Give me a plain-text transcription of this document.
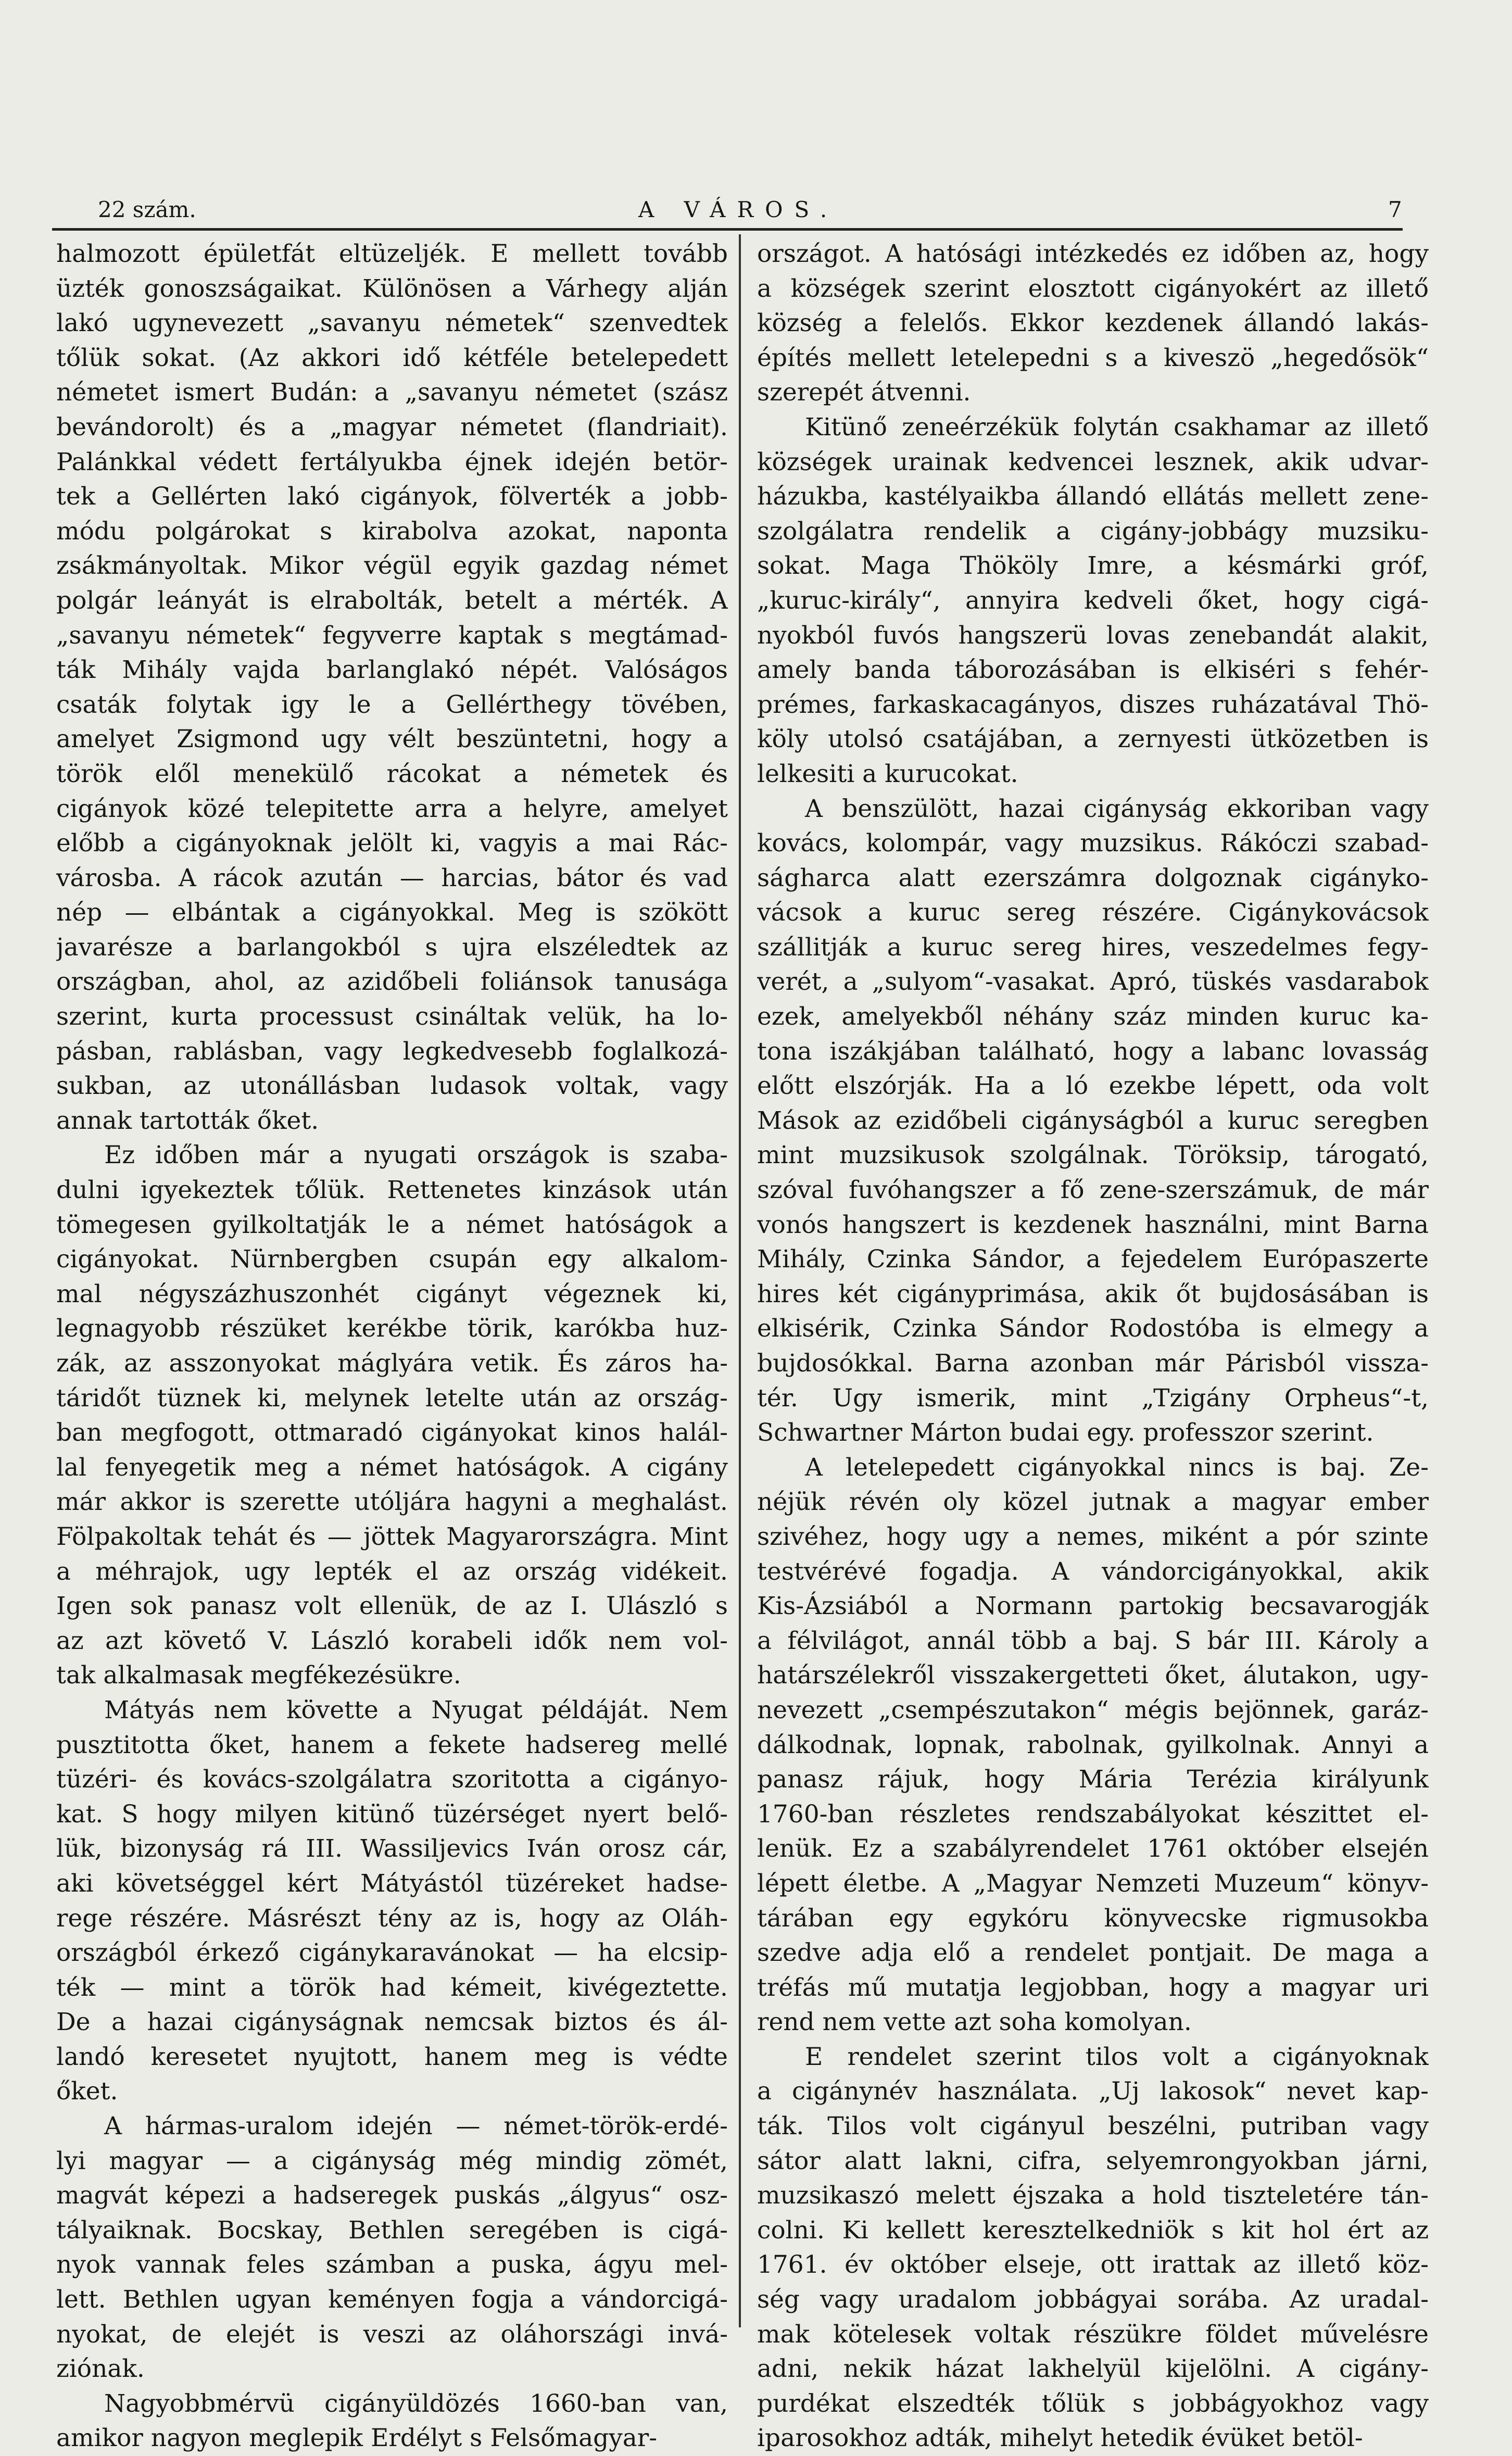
22 szám.	A VÁROS.	7

halmozott épületfát eltüzeljék. E mellett tovább

üzték gonoszságaikat. Különösen a Várhegy alján

lakó ugynevezett „savanyu németek“ szenvedtek

tőlük sokat. (Az akkori idő kétféle betelepedett

németet ismert Budán: a „savanyu németet (szász

bevándorolt) és a „magyar németet (flandriait).

Palánkkal védett fertályukba éjnek idején betör-

tek a Gellérten lakó cigányok, fölverték a jobb-

módu polgárokat s kirabolva azokat, naponta

zsákmányoltak. Mikor végül egyik gazdag német

polgár leányát is elrabolták, betelt a mérték. A

„savanyu németek“ fegyverre kaptak s megtámad-

ták Mihály vajda barlanglakó népét. Valóságos

csaták folytak igy le a Gellérthegy tövében,

amelyet Zsigmond ugy vélt beszüntetni, hogy a

török elől menekülő rácokat a németek és

cigányok közé telepitette arra a helyre, amelyet

előbb a cigányoknak jelölt ki, vagyis a mai Rác-

városba. A rácok azután — harcias, bátor és vad

nép — elbántak a cigányokkal. Meg is szökött

javarésze a barlangokból s ujra elszéledtek az

országban, ahol, az azidőbeli foliánsok tanusága

szerint, kurta processust csináltak velük, ha lo-

pásban, rablásban, vagy legkedvesebb foglalkozá-

sukban, az utonállásban ludasok voltak, vagy

annak tartották őket.

Ez időben már a nyugati országok is szaba-

dulni igyekeztek tőlük. Rettenetes kinzások után

tömegesen gyilkoltatják le a német hatóságok a

cigányokat. Nürnbergben csupán egy alkalom-

mal négyszázhuszonhét cigányt végeznek ki,

legnagyobb részüket kerékbe törik, karókba huz-

zák, az asszonyokat máglyára vetik. És záros ha-

táridőt tüznek ki, melynek letelte után az ország-

ban megfogott, ottmaradó cigányokat kinos halál-

lal fenyegetik meg a német hatóságok. A cigány

már akkor is szerette utóljára hagyni a meghalást.

Fölpakoltak tehát és — jöttek Magyarországra. Mint

a méhrajok, ugy lepték el az ország vidékeit.

Igen sok panasz volt ellenük, de az I. Ulászló s

az azt követő V. László korabeli idők nem vol-

tak alkalmasak megfékezésükre.

Mátyás nem követte a Nyugat példáját. Nem

pusztitotta őket, hanem a fekete hadsereg mellé

tüzéri- és kovács-szolgálatra szoritotta a cigányo-

kat. S hogy milyen kitünő tüzérséget nyert belő-

lük, bizonyság rá III. Wassiljevics Iván orosz cár,

aki követséggel kért Mátyástól tüzéreket hadse-

rege részére. Másrészt tény az is, hogy az Oláh-

országból érkező cigánykaravánokat — ha elcsip-

ték — mint a török had kémeit, kivégeztette.

De a hazai cigányságnak nemcsak biztos és ál-

landó keresetet nyujtott, hanem meg is védte

őket.

A hármas-uralom idején — német-török-erdé-

lyi magyar — a cigányság még mindig zömét,

magvát képezi a hadseregek puskás „álgyus“ osz-

tályaiknak. Bocskay, Bethlen seregében is cigá-

nyok vannak feles számban a puska, ágyu mel-

lett. Bethlen ugyan keményen fogja a vándorcigá-

nyokat, de elejét is veszi az oláhországi invá-

ziónak.

Nagyobbmérvü cigányüldözés 1660-ban van,

amikor nagyon meglepik Erdélyt s Felsőmagyar-

országot. A hatósági intézkedés ez időben az, hogy

a községek szerint elosztott cigányokért az illető

község a felelős. Ekkor kezdenek állandó lakás-

építés mellett letelepedni s a kiveszö „hegedősök“

szerepét átvenni.

Kitünő zeneérzékük folytán csakhamar az illető

községek urainak kedvencei lesznek, akik udvar-

házukba, kastélyaikba állandó ellátás mellett zene-

szolgálatra rendelik a cigány-jobbágy muzsiku-

sokat. Maga Thököly Imre, a késmárki gróf,

„kuruc-király“, annyira kedveli őket, hogy cigá-

nyokból fuvós hangszerü lovas zenebandát alakit,

amely banda táborozásában is elkiséri s fehér-

prémes, farkaskacagányos, diszes ruházatával Thö-

köly utolsó csatájában, a zernyesti ütközetben is

lelkesiti a kurucokat.

A benszülött, hazai cigányság ekkoriban vagy

kovács, kolompár, vagy muzsikus. Rákóczi szabad-

ságharca alatt ezerszámra dolgoznak cigányko-

vácsok a kuruc sereg részére. Cigánykovácsok

szállitják a kuruc sereg hires, veszedelmes fegy-

verét, a „sulyom“-vasakat. Apró, tüskés vasdarabok

ezek, amelyekből néhány száz minden kuruc ka-

tona iszákjában található, hogy a labanc lovasság

előtt elszórják. Ha a ló ezekbe lépett, oda volt

Mások az ezidőbeli cigányságból a kuruc seregben

mint muzsikusok szolgálnak. Töröksip, tárogató,

szóval fuvóhangszer a fő zene-szerszámuk, de már

vonós hangszert is kezdenek használni, mint Barna

Mihály, Czinka Sándor, a fejedelem Európaszerte

hires két cigányprimása, akik őt bujdosásában is

elkisérik, Czinka Sándor Rodostóba is elmegy a

bujdosókkal. Barna azonban már Párisból vissza-

tér. Ugy ismerik, mint „Tzigány Orpheus“-t,

Schwartner Márton budai egy. professzor szerint.

A letelepedett cigányokkal nincs is baj. Ze-

néjük révén oly közel jutnak a magyar ember

szivéhez, hogy ugy a nemes, miként a pór szinte

testvérévé fogadja. A vándorcigányokkal, akik

Kis-Ázsiából a Normann partokig becsavarogják

a félvilágot, annál több a baj. S bár III. Károly a

határszélekről visszakergetteti őket, álutakon, ugy-

nevezett „csempészutakon“ mégis bejönnek, garáz-

dálkodnak, lopnak, rabolnak, gyilkolnak. Annyi a

panasz rájuk, hogy Mária Terézia királyunk

1760-ban részletes rendszabályokat készittet el-

lenük. Ez a szabályrendelet 1761 október elsején

lépett életbe. A „Magyar Nemzeti Muzeum“ könyv-

tárában egy egykóru könyvecske rigmusokba

szedve adja elő a rendelet pontjait. De maga a

tréfás mű mutatja legjobban, hogy a magyar uri

rend nem vette azt soha komolyan.

E rendelet szerint tilos volt a cigányoknak

a cigánynév használata. „Uj lakosok“ nevet kap-

ták. Tilos volt cigányul beszélni, putriban vagy

sátor alatt lakni, cifra, selyemrongyokban járni,

muzsikaszó melett éjszaka a hold tiszteletére tán-

colni. Ki kellett keresztelkedniök s kit hol ért az

1761. év október elseje, ott irattak az illető köz-

ség vagy uradalom jobbágyai sorába. Az uradal-

mak kötelesek voltak részükre földet művelésre

adni, nekik házat lakhelyül kijelölni. A cigány-

purdékat elszedték tőlük s jobbágyokhoz vagy

iparosokhoz adták, mihelyt hetedik évüket betöl-
